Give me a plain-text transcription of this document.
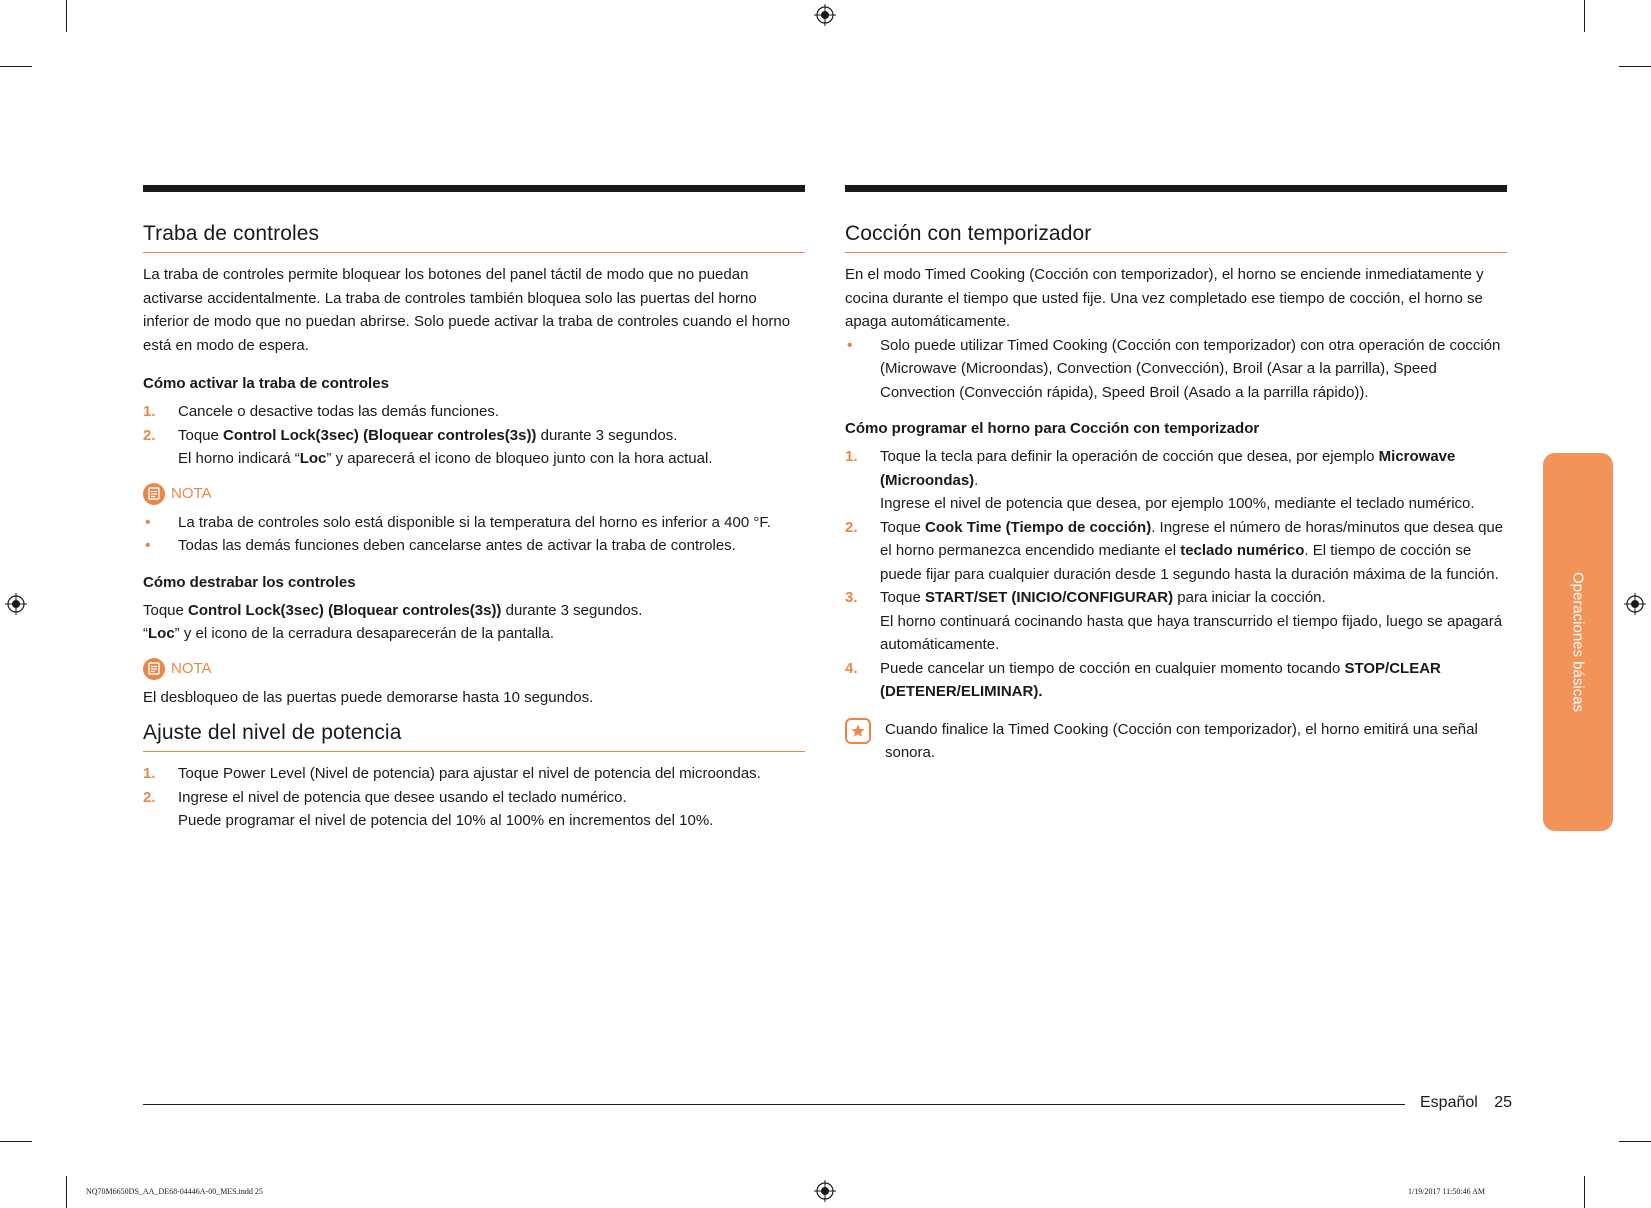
Traba de controles

La traba de controles permite bloquear los botones del panel táctil de modo que no puedan activarse accidentalmente. La traba de controles también bloquea solo las puertas del horno inferior de modo que no puedan abrirse. Solo puede activar la traba de controles cuando el horno está en modo de espera.

Cómo activar la traba de controles
1. Cancele o desactive todas las demás funciones.
2. Toque Control Lock(3sec) (Bloquear controles(3s)) durante 3 segundos.
El horno indicará “Loc” y aparecerá el icono de bloqueo junto con la hora actual.
NOTA
• La traba de controles solo está disponible si la temperatura del horno es inferior a 400 °F.
• Todas las demás funciones deben cancelarse antes de activar la traba de controles.
Cómo destrabar los controles

Toque Control Lock(3sec) (Bloquear controles(3s)) durante 3 segundos.

“Loc” y el icono de la cerradura desaparecerán de la pantalla.

NOTA

El desbloqueo de las puertas puede demorarse hasta 10 segundos.

Ajuste del nivel de potencia
1. Toque Power Level (Nivel de potencia) para ajustar el nivel de potencia del microondas.
2. Ingrese el nivel de potencia que desee usando el teclado numérico.
Puede programar el nivel de potencia del 10% al 100% en incrementos del 10%.
Cocción con temporizador

En el modo Timed Cooking (Cocción con temporizador), el horno se enciende inmediatamente y cocina durante el tiempo que usted fije. Una vez completado ese tiempo de cocción, el horno se apaga automáticamente.

• Solo puede utilizar Timed Cooking (Cocción con temporizador) con otra operación de cocción (Microwave (Microondas), Convection (Convección), Broil (Asar a la parrilla), Speed Convection (Convección rápida), Speed Broil (Asado a la parrilla rápido)).
Cómo programar el horno para Cocción con temporizador
1. Toque la tecla para definir la operación de cocción que desea, por ejemplo Microwave (Microondas).
Ingrese el nivel de potencia que desea, por ejemplo 100%, mediante el teclado numérico.
2. Toque Cook Time (Tiempo de cocción). Ingrese el número de horas/minutos que desea que el horno permanezca encendido mediante el teclado numérico. El tiempo de cocción se puede fijar para cualquier duración desde 1 segundo hasta la duración máxima de la función.
3. Toque START/SET (INICIO/CONFIGURAR) para iniciar la cocción.
El horno continuará cocinando hasta que haya transcurrido el tiempo fijado, luego se apagará automáticamente.
4. Puede cancelar un tiempo de cocción en cualquier momento tocando STOP/CLEAR (DETENER/ELIMINAR).

Cuando finalice la Timed Cooking (Cocción con temporizador), el horno emitirá una señal sonora.

Operaciones básicas
Español 25
NQ70M6650DS_AA_DE68-04446A-00_MES.indd 25	1/19/2017 11:50:46 AM
